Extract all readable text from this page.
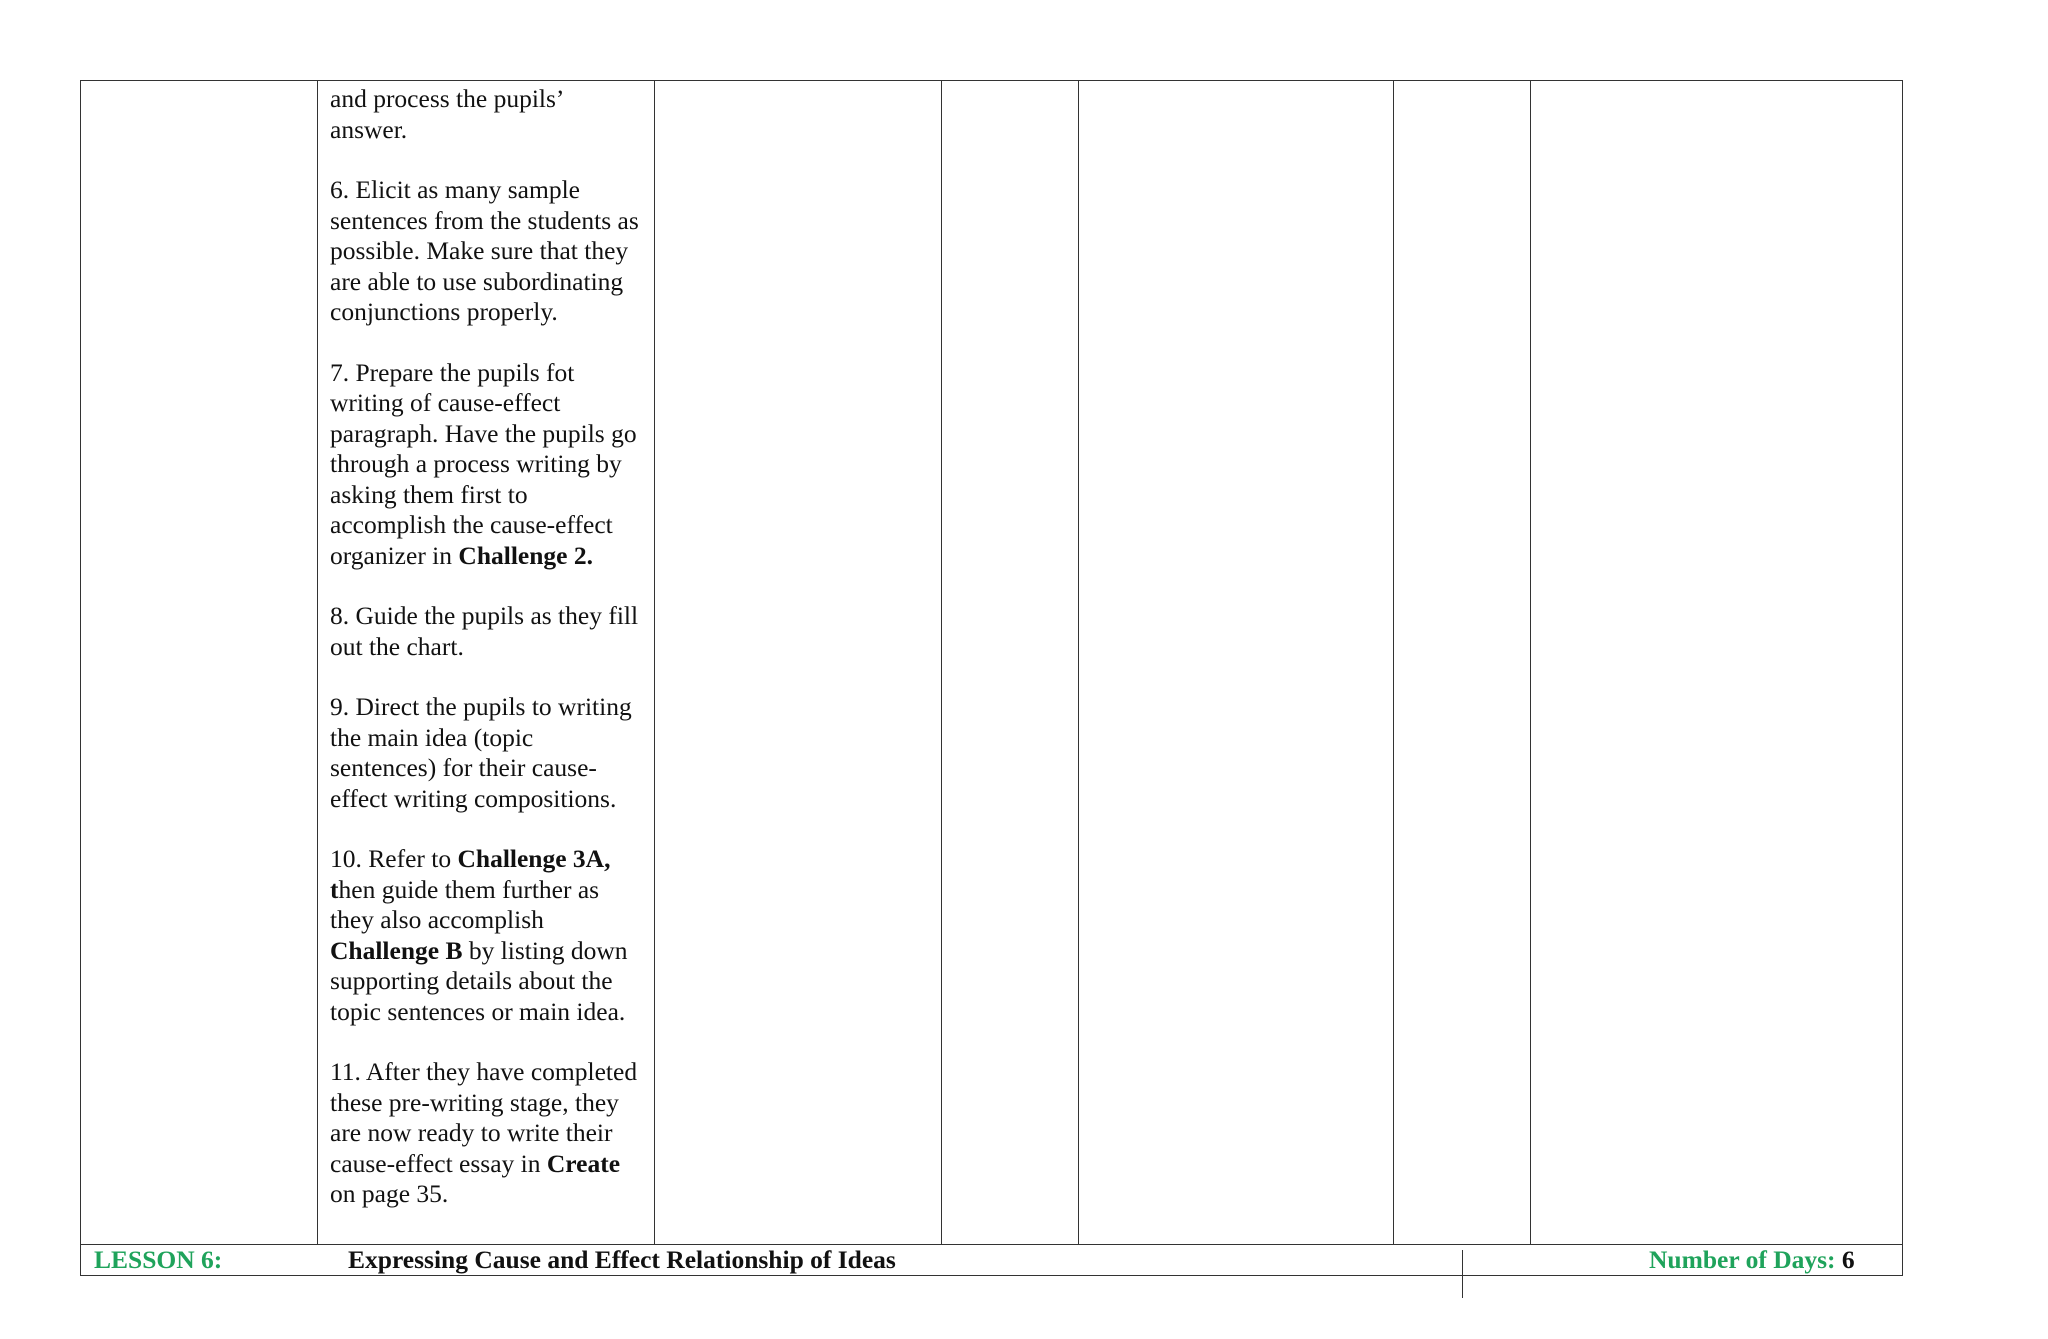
and process the pupils’ answer.
6. Elicit as many sample sentences from the students as possible. Make sure that they are able to use subordinating conjunctions properly.
7. Prepare the pupils fot writing of cause-effect paragraph. Have the pupils go through a process writing by asking them first to accomplish the cause-effect organizer in Challenge 2.
8. Guide the pupils as they fill out the chart.
9. Direct the pupils to writing the main idea (topic sentences) for their cause-effect writing compositions.
10. Refer to Challenge 3A, then guide them further as they also accomplish Challenge B by listing down supporting details about the topic sentences or main idea.
11. After they have completed these pre-writing stage, they are now ready to write their cause-effect essay in Create on page 35.

LESSON 6:	Expressing Cause and Effect Relationship of Ideas	Number of Days: 6
